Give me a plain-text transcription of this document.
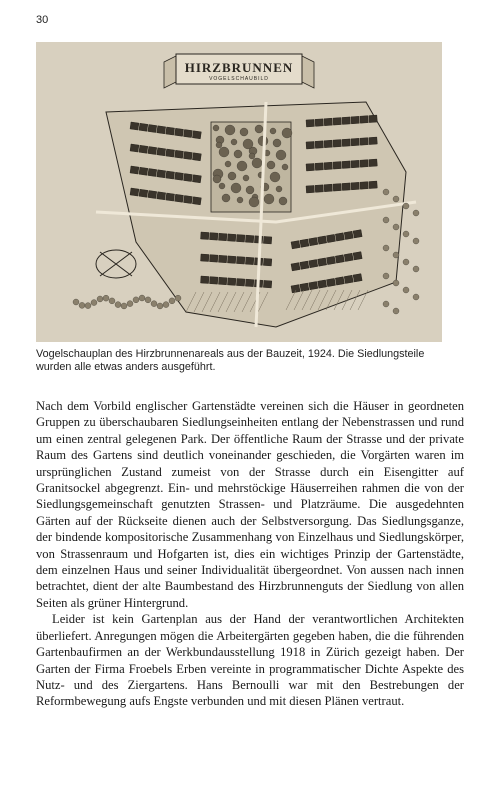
30
HIRZBRUNNEN
VOGELSCHAUBILD
Vogelschauplan des Hirzbrunnenareals aus der Bauzeit, 1924. Die Siedlungsteile wurden alle etwas anders ausgeführt.

Nach dem Vorbild englischer Gartenstädte vereinen sich die Häuser in geordneten Gruppen zu überschaubaren Siedlungseinheiten entlang der Nebenstrassen und rund um einen zentral gelegenen Park. Der öffentliche Raum der Strasse und der private Raum des Gartens sind deutlich voneinander geschieden, die Vorgärten waren im ursprünglichen Zustand zumeist von der Strasse durch ein Eisengitter auf Granitsockel abgegrenzt. Ein- und mehrstöckige Häuserreihen rahmen die von der Siedlungsgemeinschaft genutzten Strassen- und Platzräume. Die ausgedehnten Gärten auf der Rückseite dienen auch der Selbstversorgung. Das Siedlungsganze, der bindende kompositorische Zusammenhang von Einzelhaus und Siedlungskörper, von Strassenraum und Hofgarten ist, dies ein wichtiges Prinzip der Gartenstädte, dem einzelnen Haus und seiner Individualität übergeordnet. Von aussen nach innen betrachtet, dient der alte Baumbestand des Hirzbrunnenguts der Siedlung von allen Seiten als grüner Hintergrund.

Leider ist kein Gartenplan aus der Hand der verantwortlichen Architekten überliefert. Anregungen mögen die Arbeitergärten gegeben haben, die die führenden Gartenbaufirmen an der Werkbundausstellung 1918 in Zürich gezeigt haben. Der Garten der Firma Froebels Erben vereinte in programmatischer Dichte Aspekte des Nutz- und des Ziergartens. Hans Bernoulli war mit den Bestrebungen der Reformbewegung aufs Engste verbunden und mit diesen Plänen vertraut.
